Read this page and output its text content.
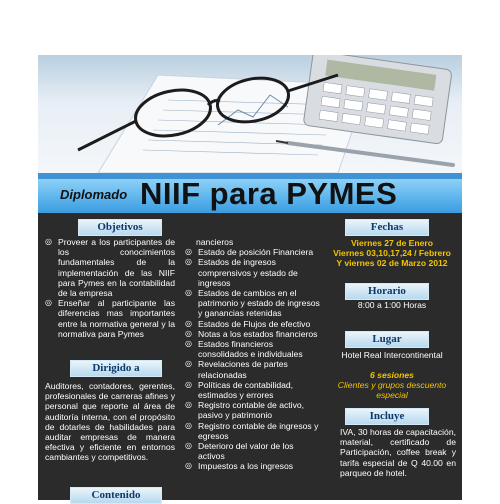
Diplomado NIIF para PYMES
Objetivos
◎ Proveer a los participantes de los conocimientos fundamentales de la implementación de las NIIF para Pymes en la contabilidad de la empresa
◎ Enseñar al participante las diferencias mas importantes entre la normativa general y la normativa para Pymes
Dirigido a
Auditores, contadores, gerentes, profesionales de carreras afines y personal que reporte al área de auditoría interna, con el propósito de dotarles de habilidades para auditar empresas de manera efectiva y eficiente en entornos cambiantes y competitivos.
Contenido
nancieros
◎ Estado de posición Financiera
◎ Estados de ingresos comprensivos y estado de ingresos
◎ Estados de cambios en el patrimonio y estado de ingresos y ganancias retenidas
◎ Estados de Flujos de efectivo
◎ Notas a los estados financieros
◎ Estados financieros consolidados e individuales
◎ Revelaciones de partes relacionadas
◎ Políticas de contabilidad, estimados y errores
◎ Registro contable de activo, pasivo y patrimonio
◎ Registro contable de ingresos y egresos
◎ Deterioro del valor de los activos
◎ Impuestos a los ingresos
Fechas
Viernes 27 de Enero
Viernes 03,10,17,24 / Febrero
Y viernes 02 de Marzo 2012
Horario
8:00 a 1:00 Horas
Lugar
Hotel Real Intercontinental
6 sesiones
Clientes y grupos descuento especial
Incluye
IVA, 30 horas de capacitación, material, certificado de Participación, coffee break y tarifa especial de Q 40.00 en parqueo de hotel.
